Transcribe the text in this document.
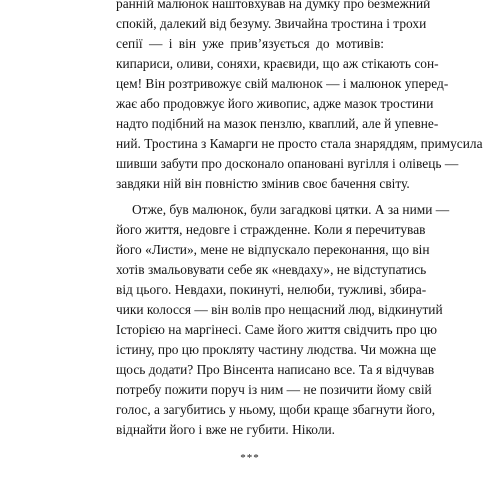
ранній малюнок наштовхував на думку про безмежний
спокій, далекий від безуму. Звичайна тростина і трохи
сепії — і він уже прив’язується до мотивів:
кипариси, оливи, соняхи, краєвиди, що аж стікають сон-
цем! Він розтривожує свій малюнок — і малюнок уперед-
жає або продовжує його живопис, адже мазок тростини
надто подібний на мазок пензлю, кваплий, але й упевне-
ний. Тростина з Камарги не просто стала знаряддям, примусила
шивши забути про досконало опановані вугілля і олівець —
завдяки ній він повністю змінив своє бачення світу.
Отже, був малюнок, були загадкові цятки. А за ними —
його життя, недовге і стражденне. Коли я перечитував
його «Листи», мене не відпускало переконання, що він
хотів змальовувати себе як «невдаху», не відступатись
від цього. Невдахи, покинуті, нелюби, тужливі, збира-
чики колосся — він волів про нещасний люд, відкинутий
Історією на маргінесі. Саме його життя свідчить про цю
істину, про цю прокляту частину людства. Чи можна ще
щось додати? Про Вінсента написано все. Та я відчував
потребу пожити поруч із ним — не позичити йому свій
голос, а загубитись у ньому, щоби краще збагнути його,
віднайти його і вже не губити. Ніколи.
***
